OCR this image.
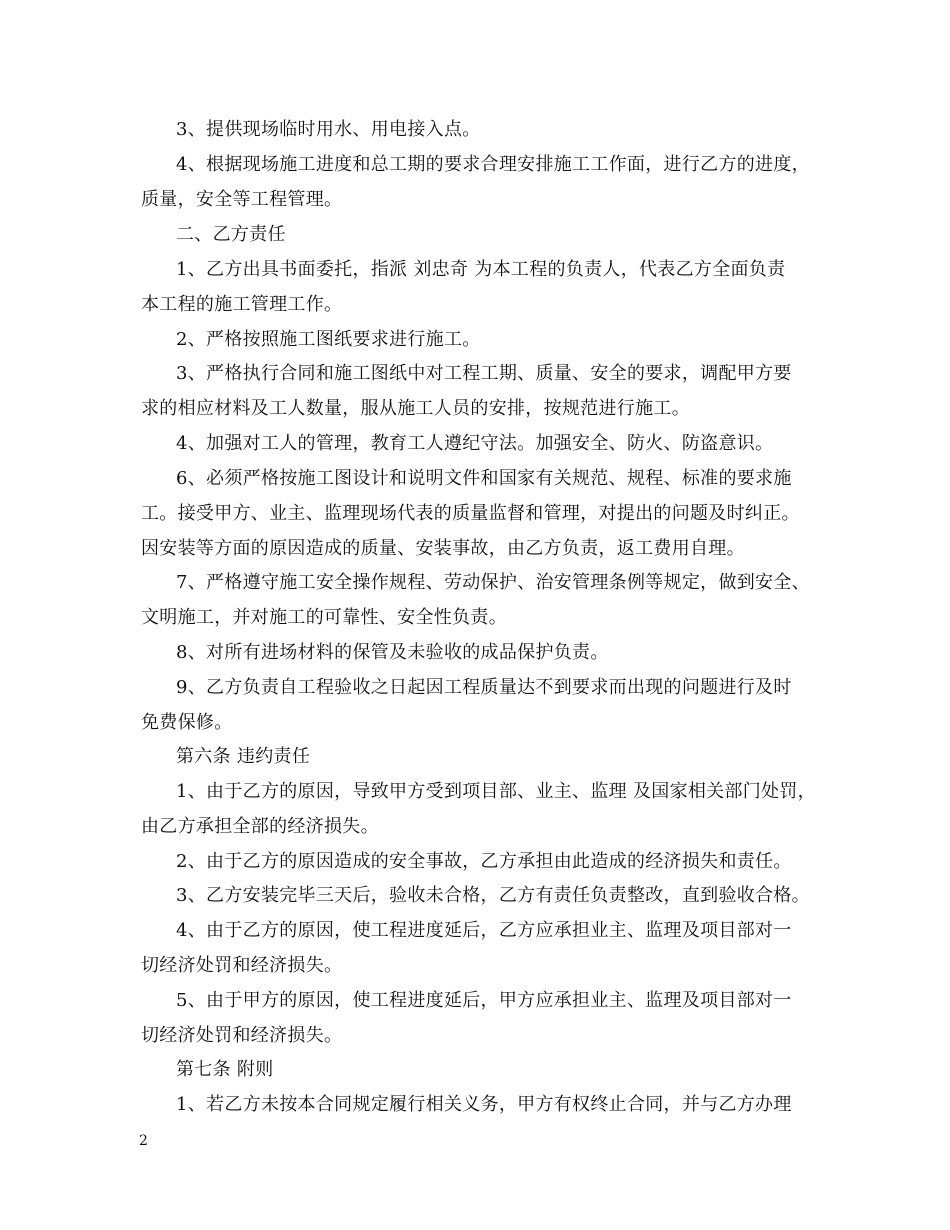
3、提供现场临时用水、用电接入点。
4、根据现场施工进度和总工期的要求合理安排施工工作面，进行乙方的进度，
质量，安全等工程管理。
二、乙方责任
1、乙方出具书面委托，指派 刘忠奇 为本工程的负责人，代表乙方全面负责
本工程的施工管理工作。
2、严格按照施工图纸要求进行施工。
3、严格执行合同和施工图纸中对工程工期、质量、安全的要求，调配甲方要
求的相应材料及工人数量，服从施工人员的安排，按规范进行施工。
4、加强对工人的管理，教育工人遵纪守法。加强安全、防火、防盗意识。
6、必须严格按施工图设计和说明文件和国家有关规范、规程、标准的要求施
工。接受甲方、业主、监理现场代表的质量监督和管理，对提出的问题及时纠正。
因安装等方面的原因造成的质量、安装事故，由乙方负责，返工费用自理。
7、严格遵守施工安全操作规程、劳动保护、治安管理条例等规定，做到安全、
文明施工，并对施工的可靠性、安全性负责。
8、对所有进场材料的保管及未验收的成品保护负责。
9、乙方负责自工程验收之日起因工程质量达不到要求而出现的问题进行及时
免费保修。
第六条 违约责任
1、由于乙方的原因，导致甲方受到项目部、业主、监理 及国家相关部门处罚，
由乙方承担全部的经济损失。
2、由于乙方的原因造成的安全事故，乙方承担由此造成的经济损失和责任。
3、乙方安装完毕三天后，验收未合格，乙方有责任负责整改，直到验收合格。
4、由于乙方的原因，使工程进度延后，乙方应承担业主、监理及项目部对一
切经济处罚和经济损失。
5、由于甲方的原因，使工程进度延后，甲方应承担业主、监理及项目部对一
切经济处罚和经济损失。
第七条 附则
1、若乙方未按本合同规定履行相关义务，甲方有权终止合同，并与乙方办理
2
